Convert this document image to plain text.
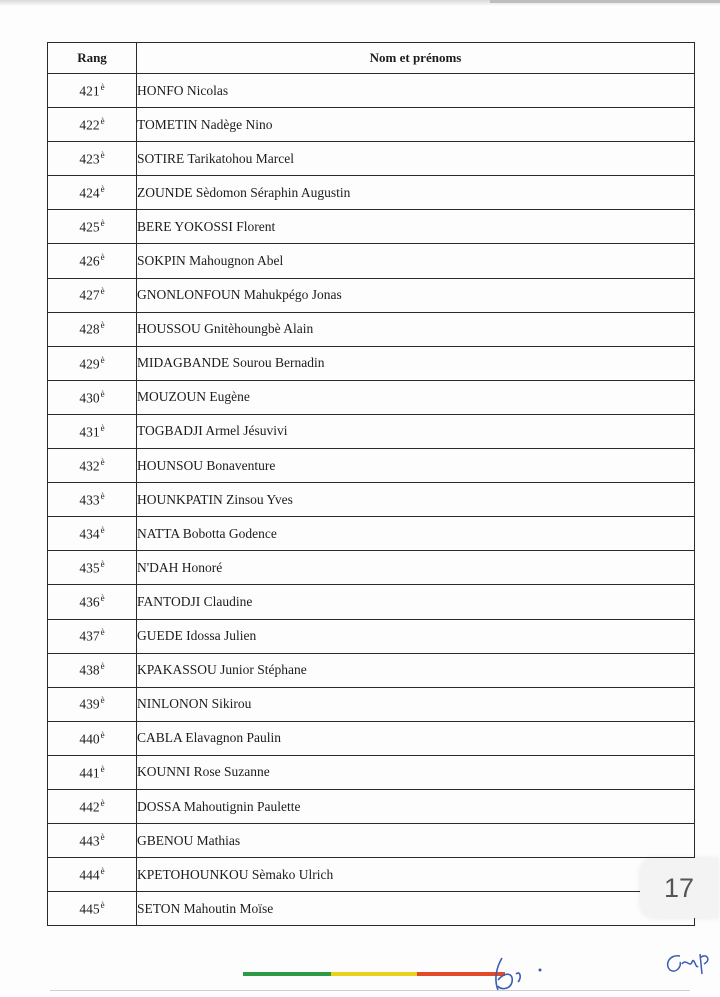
Rang	Nom et prénoms
$421^è$	HONFO Nicolas
$422^è$	TOMETIN Nadège Nino
$423^è$	SOTIRE Tarikatohou Marcel
$424^è$	ZOUNDE Sèdomon Séraphin Augustin
$425^è$	BERE YOKOSSI Florent
$426^è$	SOKPIN Mahougnon Abel
$427^è$	GNONLONFOUN Mahukpégo Jonas
$428^è$	HOUSSOU Gnitèhoungbè Alain
$429^è$	MIDAGBANDE Sourou Bernadin
$430^è$	MOUZOUN Eugène
$431^è$	TOGBADJI Armel Jésuvivi
$432^è$	HOUNSOU Bonaventure
$433^è$	HOUNKPATIN Zinsou Yves
$434^è$	NATTA Bobotta Godence
$435^è$	N'DAH Honoré
$436^è$	FANTODJI Claudine
$437^è$	GUEDE Idossa Julien
$438^è$	KPAKASSOU Junior Stéphane
$439^è$	NINLONON Sikirou
$440^è$	CABLA Elavagnon Paulin
$441^è$	KOUNNI Rose Suzanne
$442^è$	DOSSA Mahoutignin Paulette
$443^è$	GBENOU Mathias
$444^è$	KPETOHOUNKOU Sèmako Ulrich
$445^è$	SETON Mahoutin Moïse
17
